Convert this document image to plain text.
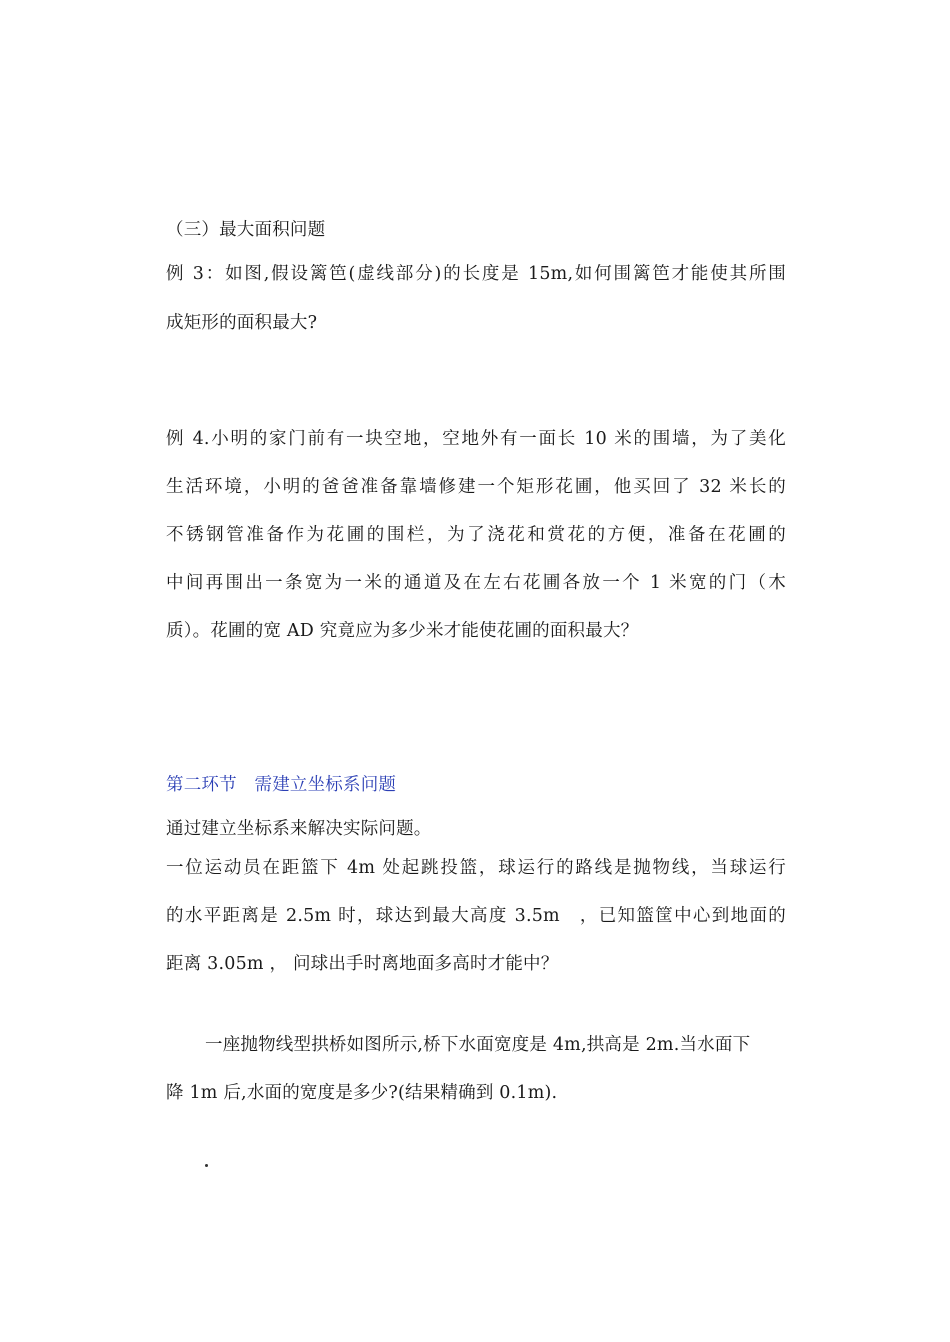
（三）最大面积问题
例 3：如图,假设篱笆(虚线部分)的长度是 15m,如何围篱笆才能使其所围
成矩形的面积最大?
例 4.小明的家门前有一块空地，空地外有一面长 10 米的围墙，为了美化
生活环境，小明的爸爸准备靠墙修建一个矩形花圃，他买回了 32 米长的
不锈钢管准备作为花圃的围栏，为了浇花和赏花的方便，准备在花圃的
中间再围出一条宽为一米的通道及在左右花圃各放一个 1 米宽的门（木
质）。花圃的宽 AD 究竟应为多少米才能使花圃的面积最大？
第二环节　需建立坐标系问题
通过建立坐标系来解决实际问题。
一位运动员在距篮下 4m 处起跳投篮，球运行的路线是抛物线，当球运行
的水平距离是 2.5m 时，球达到最大高度 3.5m　，已知篮筐中心到地面的
距离 3.05m ， 问球出手时离地面多高时才能中？
一座抛物线型拱桥如图所示,桥下水面宽度是 4m,拱高是 2m.当水面下
降 1m 后,水面的宽度是多少?(结果精确到 0.1m).
